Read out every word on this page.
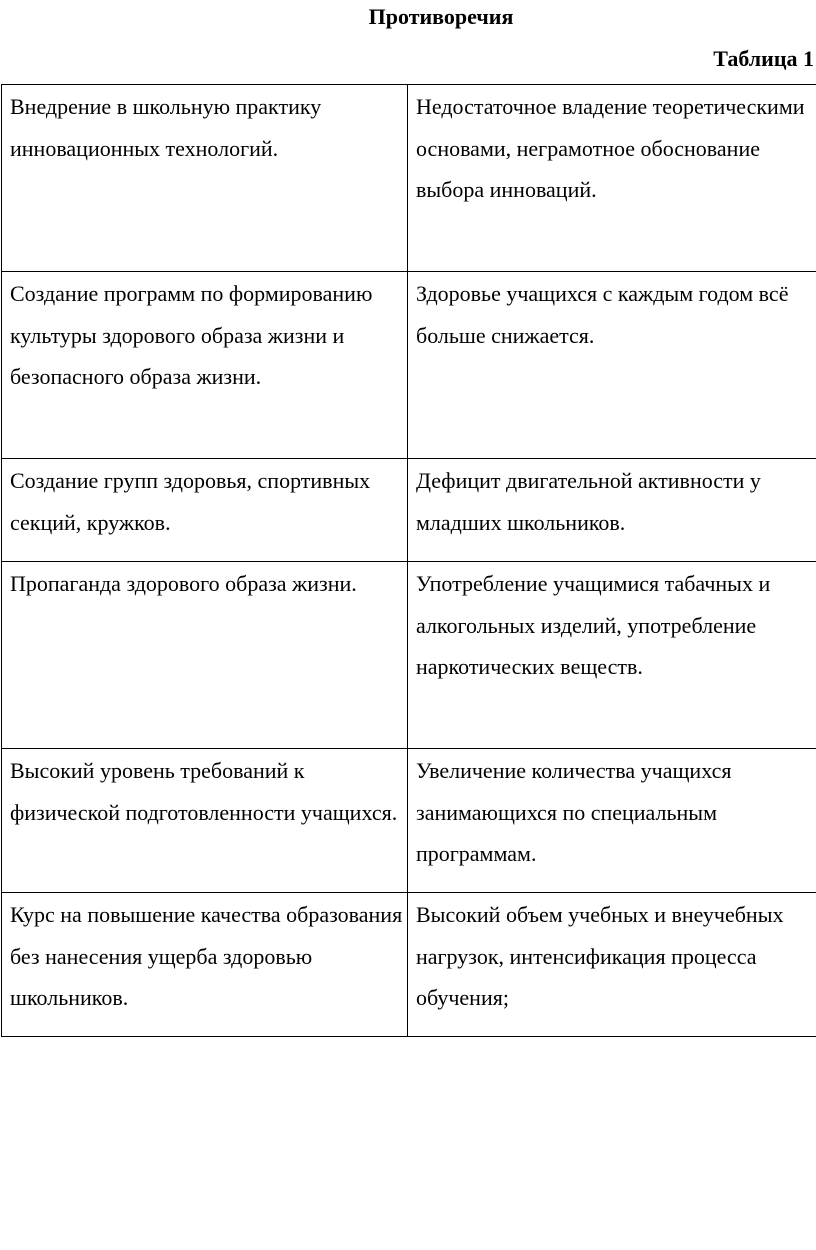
Противоречия
Таблица 1
Внедрение в школьную практику инновационных технологий.	Недостаточное владение теоретическими основами, неграмотное обоснование выбора инноваций.
Создание программ по формированию культуры здорового образа жизни и безопасного образа жизни.	Здоровье учащихся с каждым годом всё больше снижается.
Создание групп здоровья, спортивных секций, кружков.	Дефицит двигательной активности у младших школьников.
Пропаганда здорового образа жизни.	Употребление учащимися табачных и алкогольных изделий, употребление наркотических веществ.
Высокий уровень требований к физической подготовленности учащихся.	Увеличение количества учащихся занимающихся по специальным программам.
Курс на повышение качества образования без нанесения ущерба здоровью школьников.	Высокий объем учебных и внеучебных нагрузок, интенсификация процесса обучения;
